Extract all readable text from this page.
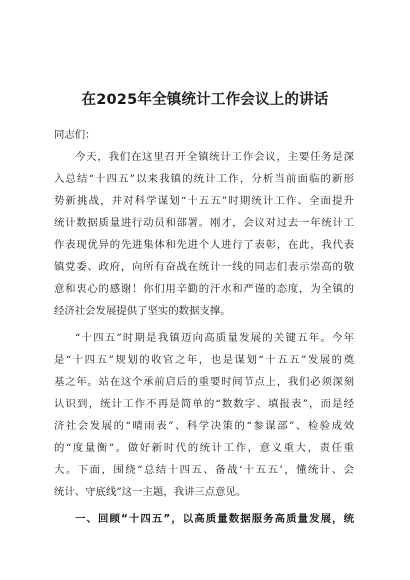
在2025年全镇统计工作会议上的讲话
同志们：
今天，我们在这里召开全镇统计工作会议，主要任务是深
入总结“十四五”以来我镇的统计工作，分析当前面临的新形
势新挑战，并对科学谋划“十五五”时期统计工作、全面提升
统计数据质量进行动员和部署。刚才，会议对过去一年统计工
作表现优异的先进集体和先进个人进行了表彰，在此，我代表
镇党委、政府，向所有奋战在统计一线的同志们表示崇高的敬
意和衷心的感谢！你们用辛勤的汗水和严谨的态度，为全镇的
经济社会发展提供了坚实的数据支撑。
“十四五”时期是我镇迈向高质量发展的关键五年。今年
是“十四五”规划的收官之年，也是谋划“十五五”发展的奠
基之年。站在这个承前启后的重要时间节点上，我们必须深刻
认识到，统计工作不再是简单的“数数字、填报表”，而是经
济社会发展的“晴雨表”、科学决策的“参谋部”、检验成效
的“度量衡”。做好新时代的统计工作，意义重大，责任重
大。下面，围绕“总结十四五、备战‘十五五’，懂统计、会
统计、守底线”这一主题，我讲三点意见。
一、回顾“十四五”，以高质量数据服务高质量发展，统
